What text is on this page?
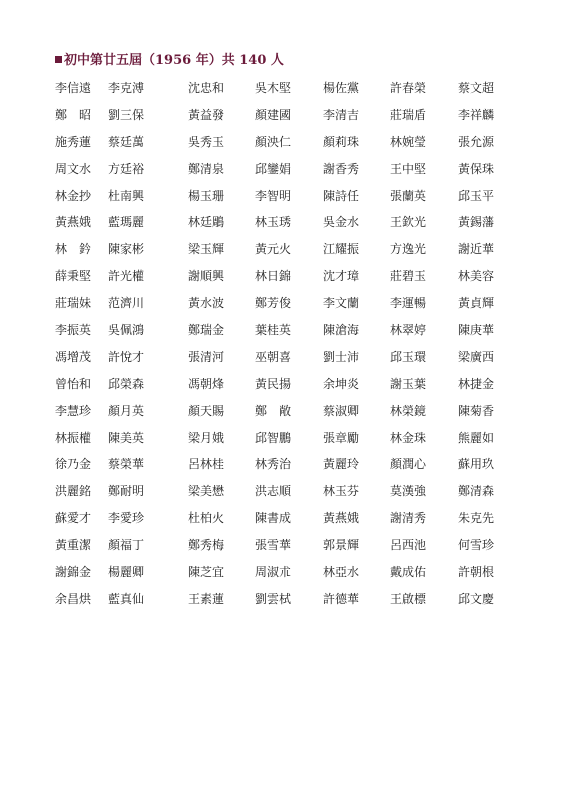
初中第廿五屆（1956 年）共 140 人
李信遠 李克溥	沈忠和	吳木堅	楊佐黨	許春榮	蔡文超
鄭　昭 劉三保	黃益發	顏建國	李清吉	莊瑞盾	李祥麟
施秀蓮 蔡廷萬	吳秀玉	顏泱仁	顏莉珠	林婉瑩	張允源
周文水 方廷裕	鄭清泉	邱鑾娟	謝香秀	王中堅	黃保珠
林金抄 杜南興	楊玉珊	李智明	陳詩任	張蘭英	邱玉平
黃燕娥 藍瑪麗	林廷鵰	林玉琇	吳金水	王欽光	黃錫藩
林　鈐 陳家彬	梁玉輝	黃元火	江耀振	方逸光	謝近華
薛秉堅 許光權	謝順興	林日錦	沈才璋	莊碧玉	林美容
莊瑞妹 范濟川	黃水波	鄭芳俊	李文蘭	李運暢	黃貞輝
李振英 吳佩鴻	鄭瑞金	葉桂英	陳滄海	林翠婷	陳庚華
馮增茂 許悅才	張清河	巫朝喜	劉士沛	邱玉環	梁廣西
曾怡和 邱榮森	馮朝烽	黃民揚	余坤炎	謝玉葉	林捷金
李慧珍 顏月英	顏天賜	鄭　敞	蔡淑卿	林榮鏡	陳菊香
林振權 陳美英	梁月娥	邱智鵬	張章勵	林金珠	熊麗如
徐乃金 蔡榮華	呂林桂	林秀治	黃麗玲	顏潤心	蘇用玖
洪麗銘 鄭耐明	梁美懋	洪志順	林玉芬	莫漢強	鄭清森
蘇愛才 李愛珍	杜柏火	陳書成	黃燕娥	謝清秀	朱克先
黃重潔 顏福丁	鄭秀梅	張雪華	郭景輝	呂西池	何雪珍
謝錦金 楊麗卿	陳芝宜	周淑朮	林亞水	戴成佑	許朝根
余昌烘 藍真仙	王素蓮	劉雲栻	許德華	王啟標	邱文慶
